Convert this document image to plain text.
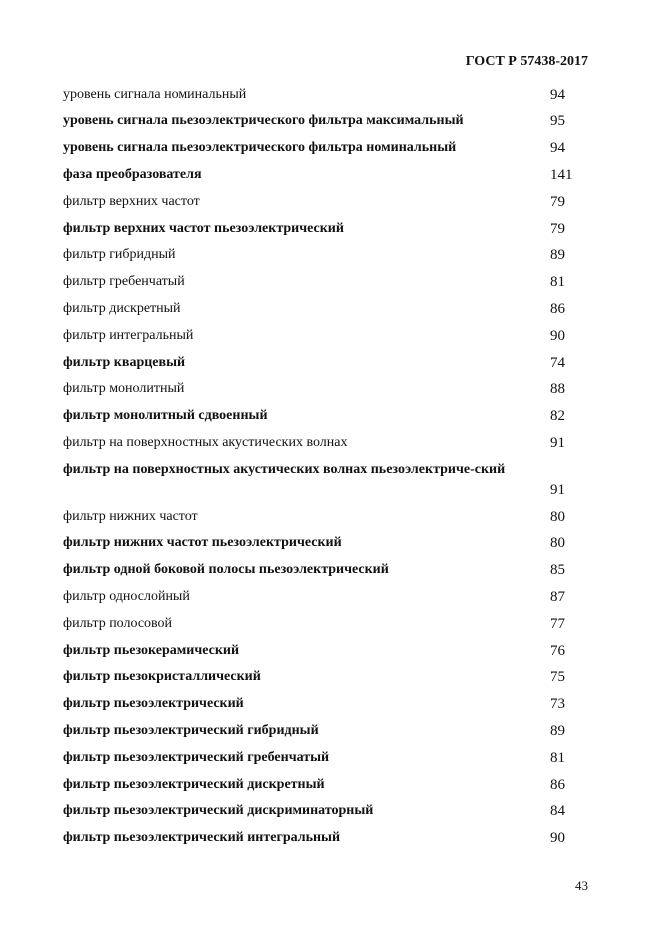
ГОСТ Р 57438-2017
уровень сигнала номинальный	94
уровень сигнала пьезоэлектрического фильтра максимальный	95
уровень сигнала пьезоэлектрического фильтра номинальный	94
фаза преобразователя	141
фильтр верхних частот	79
фильтр верхних частот пьезоэлектрический	79
фильтр гибридный	89
фильтр гребенчатый	81
фильтр дискретный	86
фильтр интегральный	90
фильтр кварцевый	74
фильтр монолитный	88
фильтр монолитный сдвоенный	82
фильтр на поверхностных акустических волнах	91
фильтр на поверхностных акустических волнах пьезоэлектриче-​ский
91
фильтр нижних частот	80
фильтр нижних частот пьезоэлектрический	80
фильтр одной боковой полосы пьезоэлектрический	85
фильтр однослойный	87
фильтр полосовой	77
фильтр пьезокерамический	76
фильтр пьезокристаллический	75
фильтр пьезоэлектрический	73
фильтр пьезоэлектрический гибридный	89
фильтр пьезоэлектрический гребенчатый	81
фильтр пьезоэлектрический дискретный	86
фильтр пьезоэлектрический дискриминаторный	84
фильтр пьезоэлектрический интегральный	90
43
